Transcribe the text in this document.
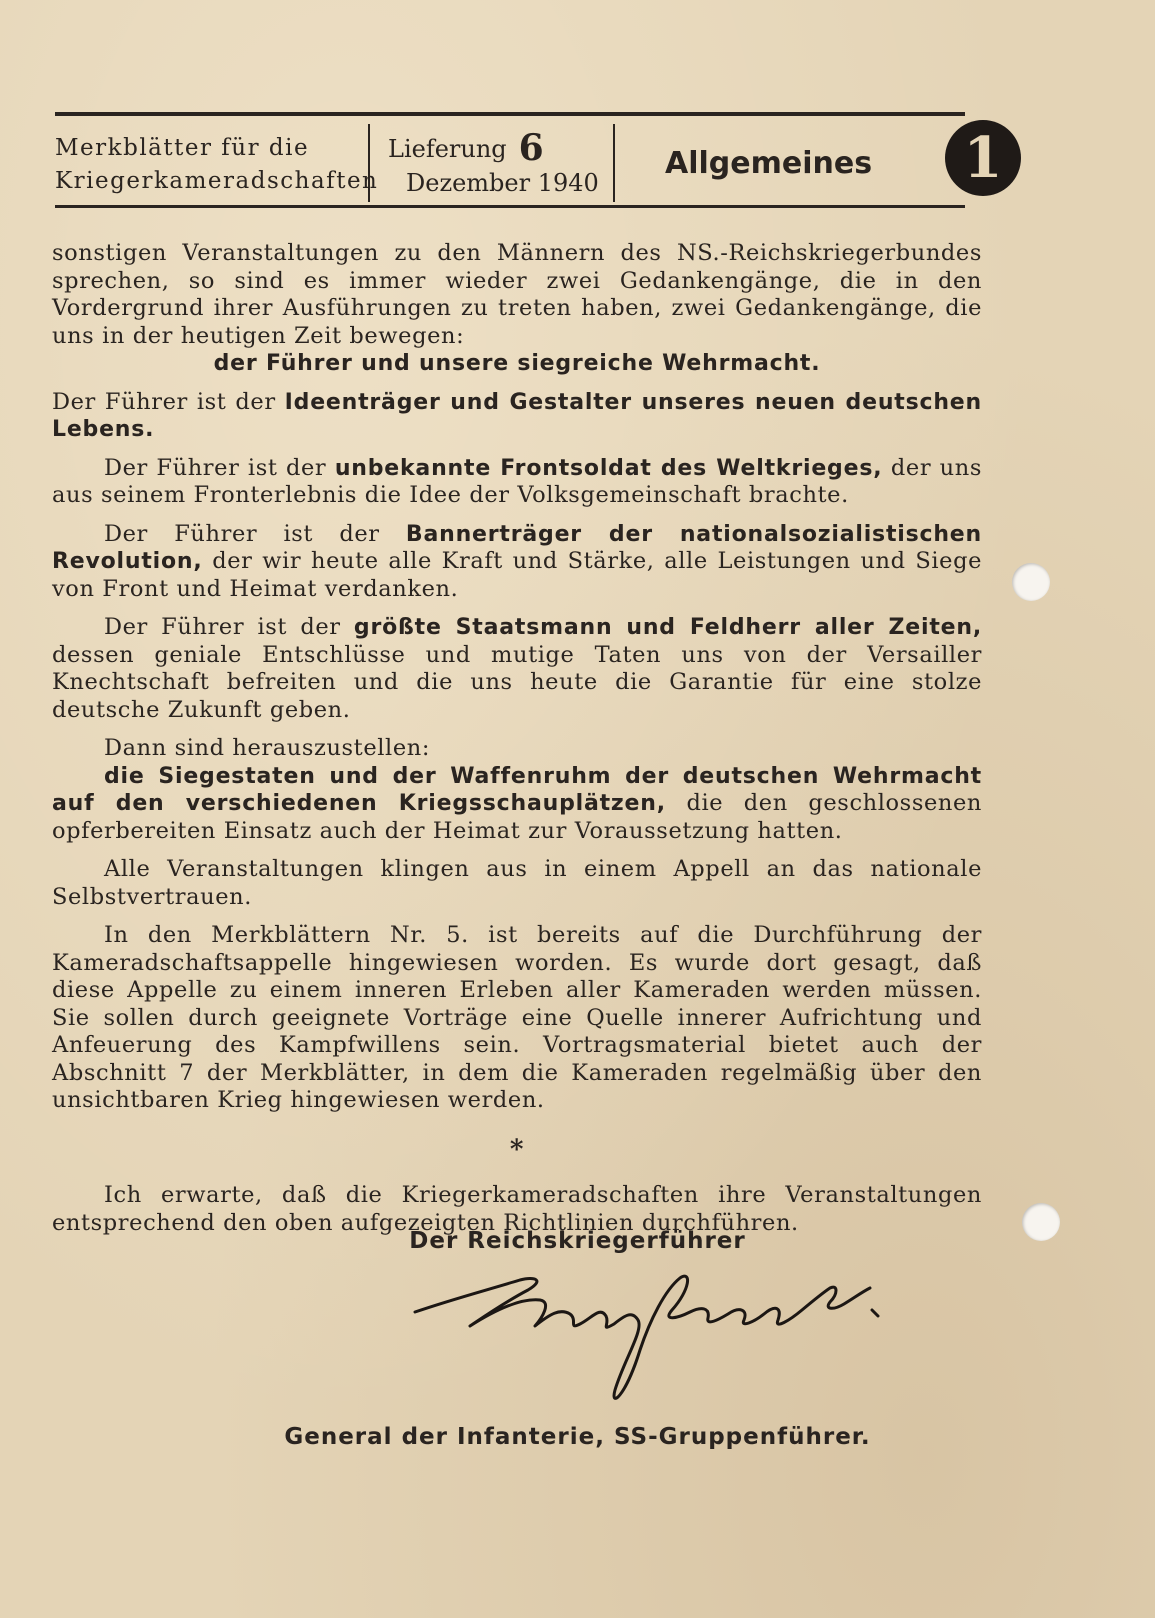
Merkblätter für die
Kriegerkameradschaften
Lieferung 6
Dezember 1940
Allgemeines	1

sonstigen Veranstaltungen zu den Männern des NS.-Reichskriegerbundes sprechen, so sind es immer wieder zwei Gedankengänge, die in den Vordergrund ihrer Ausführungen zu treten haben, zwei Gedankengänge, die uns in der heutigen Zeit bewegen:

der Führer und unsere siegreiche Wehrmacht.

Der Führer ist der Ideenträger und Gestalter unseres neuen deutschen Lebens.

Der Führer ist der unbekannte Frontsoldat des Weltkrieges, der uns aus seinem Fronterlebnis die Idee der Volksgemeinschaft brachte.

Der Führer ist der Bannerträger der nationalsozialistischen Revolution, der wir heute alle Kraft und Stärke, alle Leistungen und Siege von Front und Heimat verdanken.

Der Führer ist der größte Staatsmann und Feldherr aller Zeiten, dessen geniale Entschlüsse und mutige Taten uns von der Versailler Knechtschaft befreiten und die uns heute die Garantie für eine stolze deutsche Zukunft geben.

Dann sind herauszustellen:

die Siegestaten und der Waffenruhm der deutschen Wehrmacht auf den verschiedenen Kriegsschauplätzen, die den geschlossenen opferbereiten Einsatz auch der Heimat zur Voraussetzung hatten.

Alle Veranstaltungen klingen aus in einem Appell an das nationale Selbstvertrauen.

In den Merkblättern Nr. 5. ist bereits auf die Durchführung der Kameradschaftsappelle hingewiesen worden. Es wurde dort gesagt, daß diese Appelle zu einem inneren Erleben aller Kameraden werden müssen. Sie sollen durch geeignete Vorträge eine Quelle innerer Aufrichtung und Anfeuerung des Kampfwillens sein. Vortragsmaterial bietet auch der Abschnitt 7 der Merkblätter, in dem die Kameraden regelmäßig über den unsichtbaren Krieg hingewiesen werden.

*

Ich erwarte, daß die Kriegerkameradschaften ihre Veranstaltungen entsprechend den oben aufgezeigten Richtlinien durchführen.

Der Reichskriegerführer
General der Infanterie, SS-Gruppenführer.
